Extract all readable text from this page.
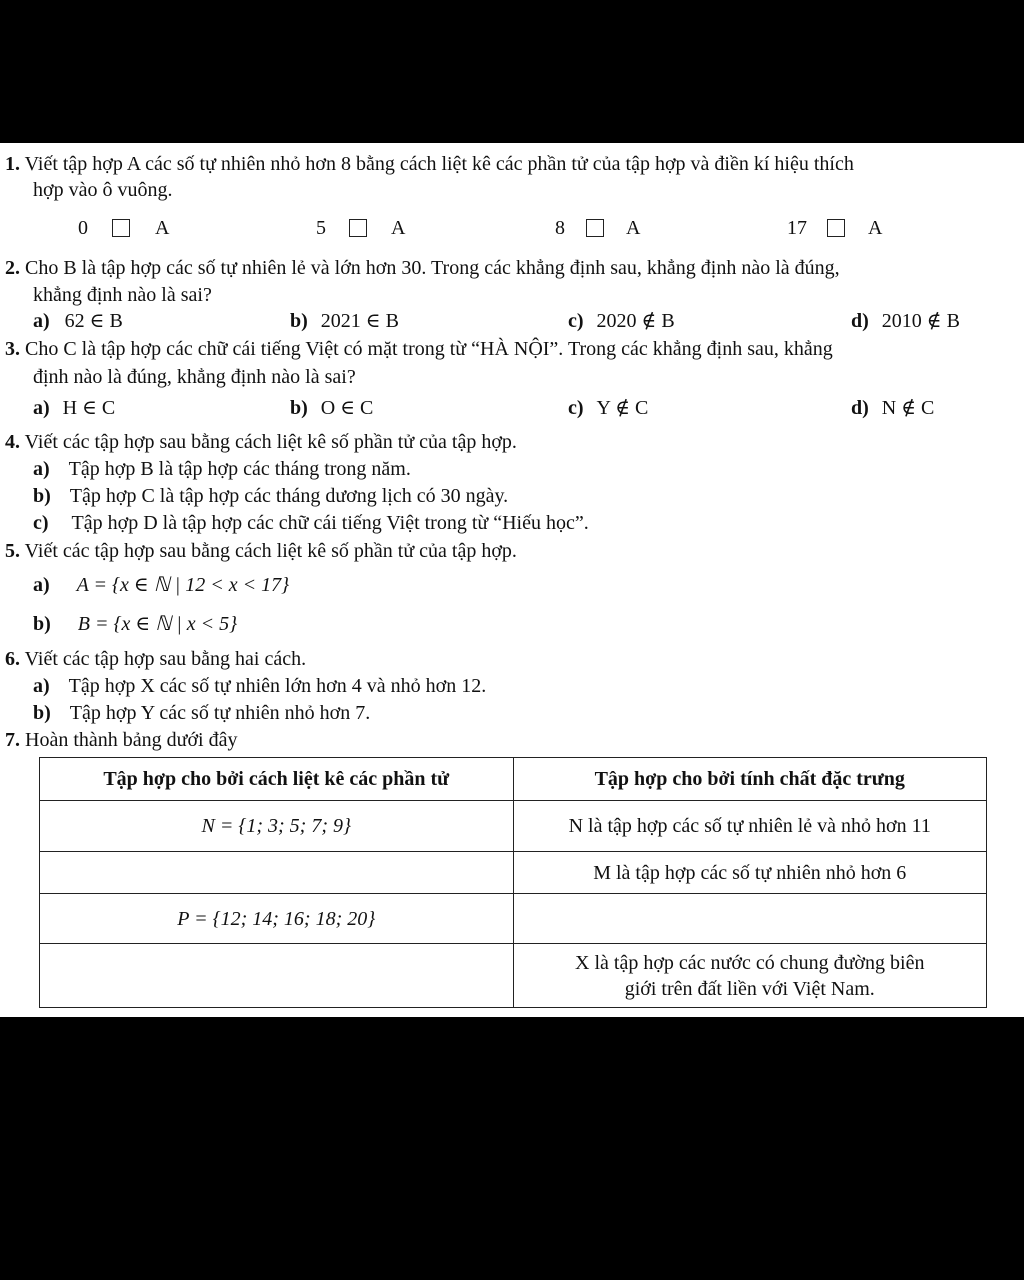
1. Viết tập hợp A các số tự nhiên nhỏ hơn 8 bằng cách liệt kê các phần tử của tập hợp và điền kí hiệu thích
hợp vào ô vuông.
0	A	5	A	8	A	17	A
2. Cho B là tập hợp các số tự nhiên lẻ và lớn hơn 30. Trong các khẳng định sau, khẳng định nào là đúng,
khẳng định nào là sai?
a) 62 ∈ B	b) 2021 ∈ B	c) 2020 ∉ B	d) 2010 ∉ B
3. Cho C là tập hợp các chữ cái tiếng Việt có mặt trong từ “HÀ NỘI”. Trong các khẳng định sau, khẳng
định nào là đúng, khẳng định nào là sai?
a) H ∈ C	b) O ∈ C	c) Y ∉ C	d) N ∉ C
4. Viết các tập hợp sau bằng cách liệt kê số phần tử của tập hợp.
a) Tập hợp B là tập hợp các tháng trong năm.
b) Tập hợp C là tập hợp các tháng dương lịch có 30 ngày.
c) Tập hợp D là tập hợp các chữ cái tiếng Việt trong từ “Hiếu học”.
5. Viết các tập hợp sau bằng cách liệt kê số phần tử của tập hợp.
a) A = {x ∈ ℕ | 12 < x < 17}
b) B = {x ∈ ℕ | x < 5}
6. Viết các tập hợp sau bằng hai cách.
a) Tập hợp X các số tự nhiên lớn hơn 4 và nhỏ hơn 12.
b) Tập hợp Y các số tự nhiên nhỏ hơn 7.
7. Hoàn thành bảng dưới đây
Tập hợp cho bởi cách liệt kê các phần tử	Tập hợp cho bởi tính chất đặc trưng
N = {1; 3; 5; 7; 9}	N là tập hợp các số tự nhiên lẻ và nhỏ hơn 11
	M là tập hợp các số tự nhiên nhỏ hơn 6
P = {12; 14; 16; 18; 20}	
	X là tập hợp các nước có chung đường biên
giới trên đất liền với Việt Nam.
